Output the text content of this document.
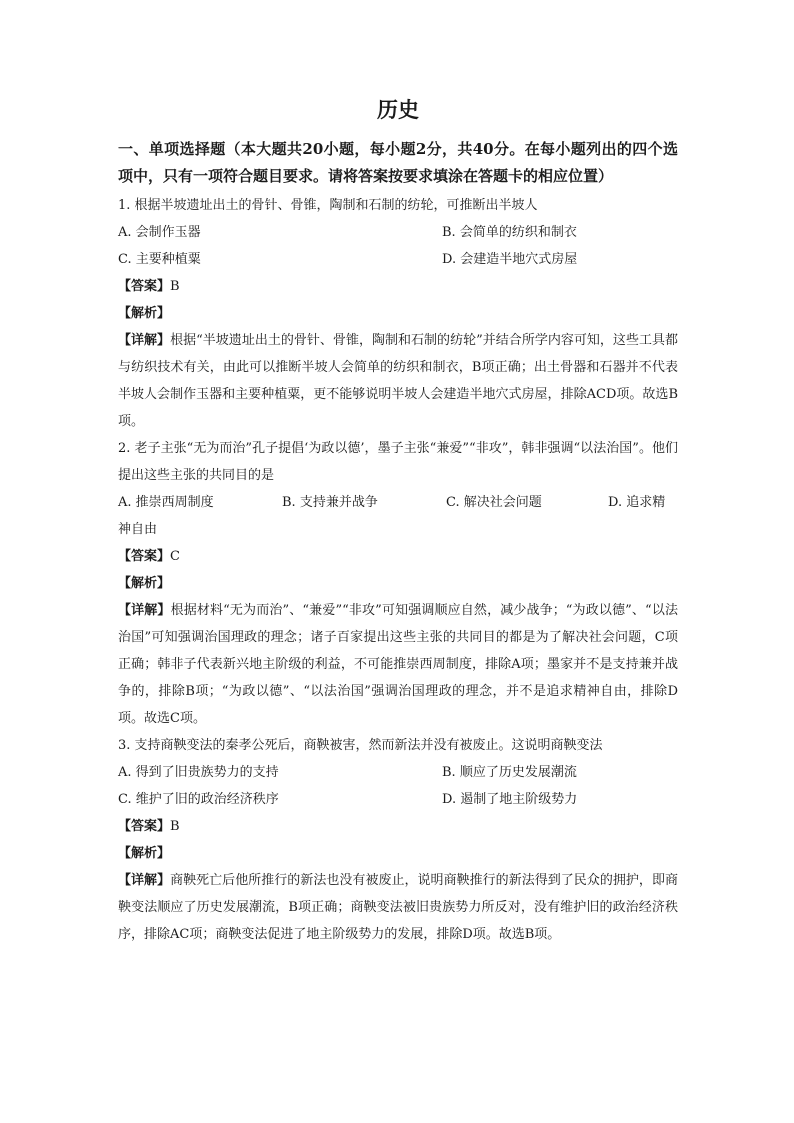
历史
一、单项选择题（本大题共20小题，每小题2分，共40分。在每小题列出的四个选项中，只有一项符合题目要求。请将答案按要求填涂在答题卡的相应位置）
1. 根据半坡遗址出土的骨针、骨锥，陶制和石制的纺轮，可推断出半坡人
A. 会制作玉器	B. 会简单的纺织和制衣
C. 主要种植粟	D. 会建造半地穴式房屋
【答案】B
【解析】
【详解】根据“半坡遗址出土的骨针、骨锥，陶制和石制的纺轮”并结合所学内容可知，这些工具都与纺织技术有关，由此可以推断半坡人会简单的纺织和制衣，B项正确；出土骨器和石器并不代表半坡人会制作玉器和主要种植粟，更不能够说明半坡人会建造半地穴式房屋，排除ACD项。故选B项。
2. 老子主张“无为而治”孔子提倡‘为政以德’，墨子主张“兼爱”“非攻”，韩非强调“以法治国”。他们提出这些主张的共同目的是
A. 推崇西周制度	B. 支持兼并战争	C. 解决社会问题	D. 追求精
神自由
【答案】C
【解析】
【详解】根据材料“无为而治”、“兼爱”“非攻”可知强调顺应自然，减少战争；“为政以德”、“以法治国”可知强调治国理政的理念；诸子百家提出这些主张的共同目的都是为了解决社会问题，C项正确；韩非子代表新兴地主阶级的利益，不可能推崇西周制度，排除A项；墨家并不是支持兼并战争的，排除B项；“为政以德”、“以法治国”强调治国理政的理念，并不是追求精神自由，排除D项。故选C项。
3. 支持商鞅变法的秦孝公死后，商鞅被害，然而新法并没有被废止。这说明商鞅变法
A. 得到了旧贵族势力的支持	B. 顺应了历史发展潮流
C. 维护了旧的政治经济秩序	D. 遏制了地主阶级势力
【答案】B
【解析】
【详解】商鞅死亡后他所推行的新法也没有被废止，说明商鞅推行的新法得到了民众的拥护，即商鞅变法顺应了历史发展潮流，B项正确；商鞅变法被旧贵族势力所反对，没有维护旧的政治经济秩序，排除AC项；商鞅变法促进了地主阶级势力的发展，排除D项。故选B项。
